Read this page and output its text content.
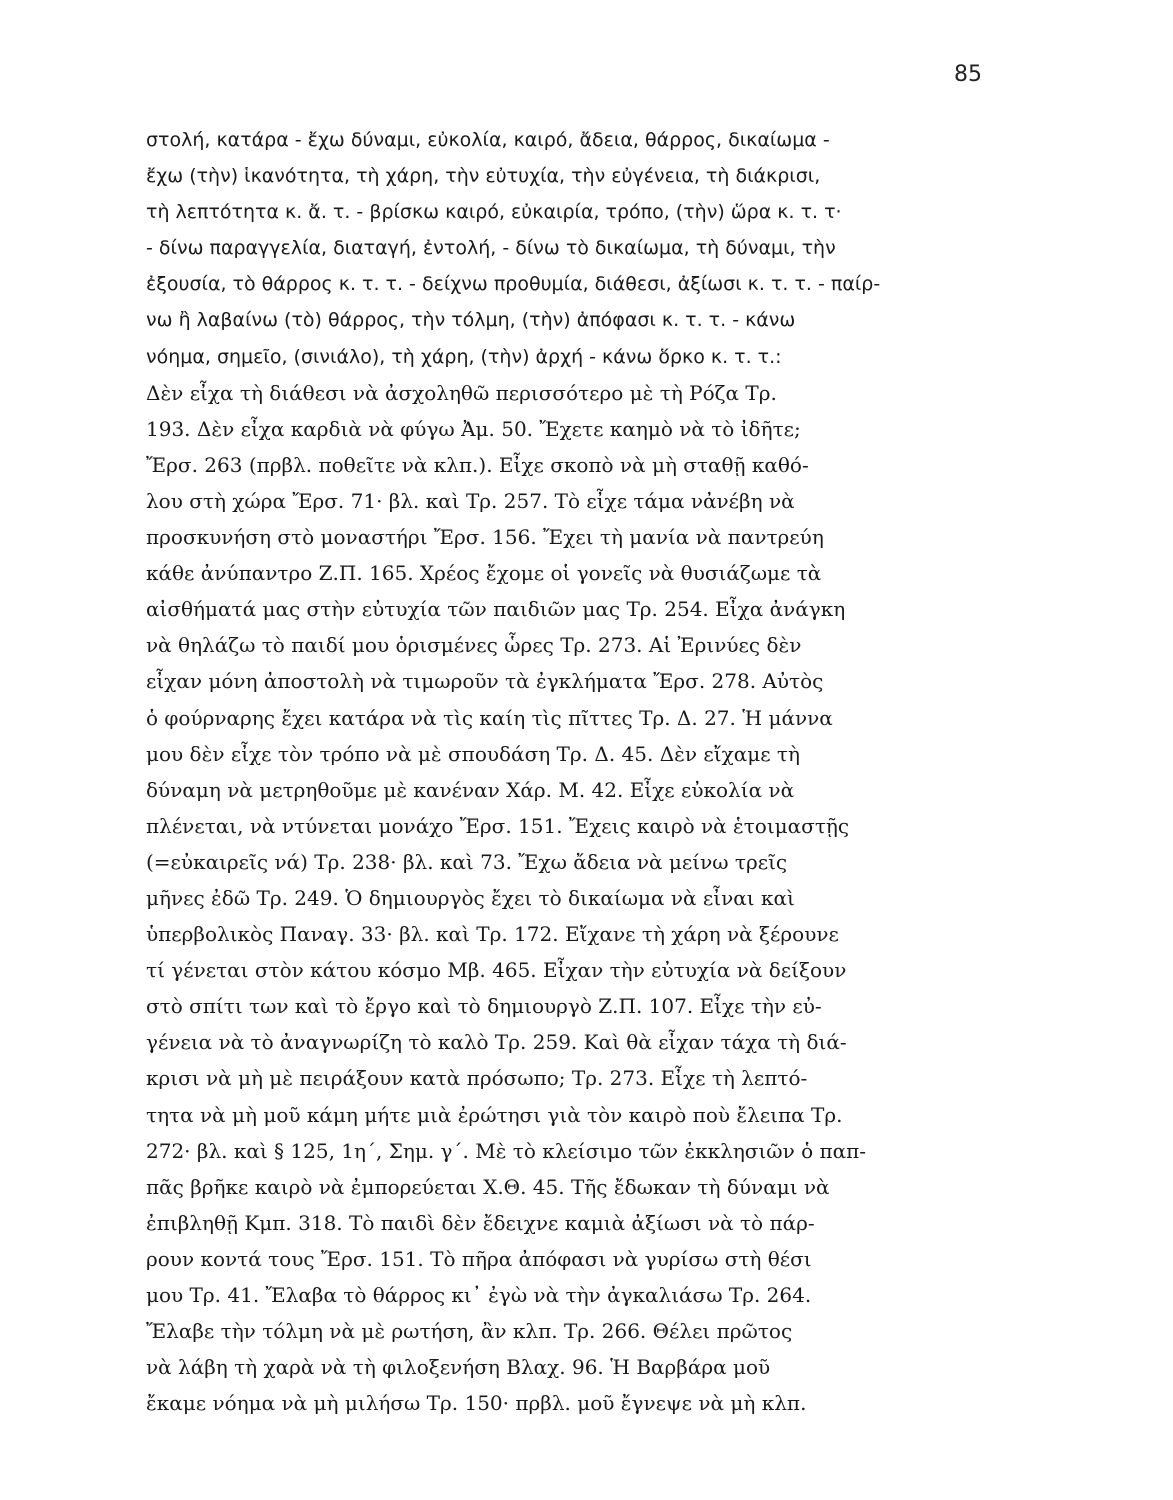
85
στολή, κατάρα - ἔχω δύναμι, εὐκολία, καιρό, ἄδεια, θάρρος, δικαίωμα -
ἔχω (τὴν) ἱκανότητα, τὴ χάρη, τὴν εὐτυχία, τὴν εὐγένεια, τὴ διάκρισι,
τὴ λεπτότητα κ. ἄ. τ. - βρίσκω καιρό, εὐκαιρία, τρόπο, (τὴν) ὥρα κ. τ. τ·
- δίνω παραγγελία, διαταγή, ἐντολή, - δίνω τὸ δικαίωμα, τὴ δύναμι, τὴν
ἐξουσία, τὸ θάρρος κ. τ. τ. - δείχνω προθυμία, διάθεσι, ἀξίωσι κ. τ. τ. - παίρ-
νω ἢ λαβαίνω (τὸ) θάρρος, τὴν τόλμη, (τὴν) ἀπόφασι κ. τ. τ. - κάνω
νόημα, σημεῖο, (σινιάλο), τὴ χάρη, (τὴν) ἀρχή - κάνω ὅρκο κ. τ. τ.:
Δὲν εἶχα τὴ διάθεσι νὰ ἀσχοληθῶ περισσότερο μὲ τὴ Ρόζα Τρ.
193. Δὲν εἶχα καρδιὰ νὰ φύγω Ἀμ. 50. Ἔχετε καημὸ νὰ τὸ ἰδῆτε;
Ἔρσ. 263 (πρβλ. ποθεῖτε νὰ κλπ.). Εἶχε σκοπὸ νὰ μὴ σταθῇ καθό-
λου στὴ χώρα Ἔρσ. 71· βλ. καὶ Τρ. 257. Τὸ εἶχε τάμα νἀνέβη νὰ
προσκυνήση στὸ μοναστήρι Ἔρσ. 156. Ἔχει τὴ μανία νὰ παντρεύη
κάθε ἀνύπαντρο Ζ.Π. 165. Χρέος ἔχομε οἱ γονεῖς νὰ θυσιάζωμε τὰ
αἰσθήματά μας στὴν εὐτυχία τῶν παιδιῶν μας Τρ. 254. Εἶχα ἀνάγκη
νὰ θηλάζω τὸ παιδί μου ὁρισμένες ὧρες Τρ. 273. Αἱ Ἐρινύες δὲν
εἶχαν μόνη ἀποστολὴ νὰ τιμωροῦν τὰ ἐγκλήματα Ἔρσ. 278. Αὐτὸς
ὁ φούρναρης ἔχει κατάρα νὰ τὶς καίη τὶς πῖττες Τρ. Δ. 27. Ἡ μάννα
μου δὲν εἶχε τὸν τρόπο νὰ μὲ σπουδάση Τρ. Δ. 45. Δὲν εἴχαμε τὴ
δύναμη νὰ μετρηθοῦμε μὲ κανέναν Χάρ. Μ. 42. Εἶχε εὐκολία νὰ
πλένεται, νὰ ντύνεται μονάχο Ἔρσ. 151. Ἔχεις καιρὸ νὰ ἑτοιμαστῇς
(=εὐκαιρεῖς νά) Τρ. 238· βλ. καὶ 73. Ἔχω ἄδεια νὰ μείνω τρεῖς
μῆνες ἐδῶ Τρ. 249. Ὁ δημιουργὸς ἔχει τὸ δικαίωμα νὰ εἶναι καὶ
ὑπερβολικὸς Παναγ. 33· βλ. καὶ Τρ. 172. Εἴχανε τὴ χάρη νὰ ξέρουνε
τί γένεται στὸν κάτου κόσμο Μβ. 465. Εἶχαν τὴν εὐτυχία νὰ δείξουν
στὸ σπίτι των καὶ τὸ ἔργο καὶ τὸ δημιουργὸ Ζ.Π. 107. Εἶχε τὴν εὐ-
γένεια νὰ τὸ ἀναγνωρίζη τὸ καλὸ Τρ. 259. Καὶ θὰ εἶχαν τάχα τὴ διά-
κρισι νὰ μὴ μὲ πειράξουν κατὰ πρόσωπο; Τρ. 273. Εἶχε τὴ λεπτό-
τητα νὰ μὴ μοῦ κάμη μήτε μιὰ ἐρώτησι γιὰ τὸν καιρὸ ποὺ ἔλειπα Τρ.
272· βλ. καὶ § 125, 1η΄, Σημ. γ΄. Μὲ τὸ κλείσιμο τῶν ἐκκλησιῶν ὁ παπ-
πᾶς βρῆκε καιρὸ νὰ ἐμπορεύεται Χ.Θ. 45. Τῆς ἔδωκαν τὴ δύναμι νὰ
ἐπιβληθῇ Κμπ. 318. Τὸ παιδὶ δὲν ἔδειχνε καμιὰ ἀξίωσι νὰ τὸ πάρ-
ρουν κοντά τους Ἔρσ. 151. Τὸ πῆρα ἀπόφασι νὰ γυρίσω στὴ θέσι
μου Τρ. 41. Ἔλαβα τὸ θάρρος κι᾽ ἐγὼ νὰ τὴν ἀγκαλιάσω Τρ. 264.
Ἔλαβε τὴν τόλμη νὰ μὲ ρωτήση, ἂν κλπ. Τρ. 266. Θέλει πρῶτος
νὰ λάβη τὴ χαρὰ νὰ τὴ φιλοξενήση Βλαχ. 96. Ἡ Βαρβάρα μοῦ
ἔκαμε νόημα νὰ μὴ μιλήσω Τρ. 150· πρβλ. μοῦ ἔγνεψε νὰ μὴ κλπ.
